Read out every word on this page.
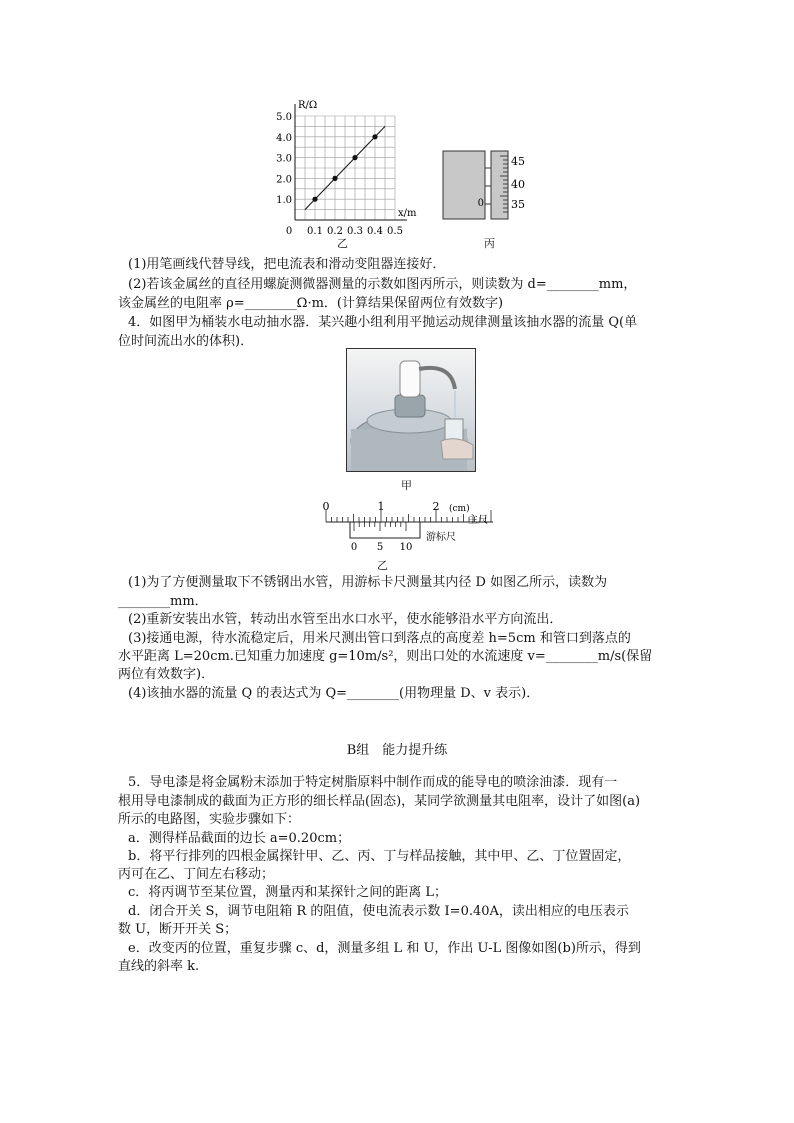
R/Ω
x/m
5.0
4.0
3.0
2.0
1.0
0 0.1 0.2 0.3 0.4 0.5
乙
45
40
35
0
丙
(1)用笔画线代替导线，把电流表和滑动变阻器连接好．
(2)若该金属丝的直径用螺旋测微器测量的示数如图丙所示，则读数为 d=________mm，
该金属丝的电阻率 ρ=________Ω·m．(计算结果保留两位有效数字)
4．如图甲为桶装水电动抽水器．某兴趣小组利用平抛运动规律测量该抽水器的流量 Q(单
位时间流出水的体积)．
甲
0	1	2 (cm)
主尺
0 5 10
游标尺
乙
(1)为了方便测量取下不锈钢出水管，用游标卡尺测量其内径 D 如图乙所示，读数为
________mm．
(2)重新安装出水管，转动出水管至出水口水平，使水能够沿水平方向流出．
(3)接通电源，待水流稳定后，用米尺测出管口到落点的高度差 h=5cm 和管口到落点的
水平距离 L=20cm.已知重力加速度 g=10m/s²，则出口处的水流速度 v=________m/s(保留
两位有效数字)．
(4)该抽水器的流量 Q 的表达式为 Q=________(用物理量 D、v 表示)．
B组　能力提升练
5．导电漆是将金属粉末添加于特定树脂原料中制作而成的能导电的喷涂油漆．现有一
根用导电漆制成的截面为正方形的细长样品(固态)，某同学欲测量其电阻率，设计了如图(a)
所示的电路图，实验步骤如下：
a．测得样品截面的边长 a=0.20cm；
b．将平行排列的四根金属探针甲、乙、丙、丁与样品接触，其中甲、乙、丁位置固定，
丙可在乙、丁间左右移动；
c．将丙调节至某位置，测量丙和某探针之间的距离 L；
d．闭合开关 S，调节电阻箱 R 的阻值，使电流表示数 I=0.40A，读出相应的电压表示
数 U，断开开关 S；
e．改变丙的位置，重复步骤 c、d，测量多组 L 和 U，作出 U-L 图像如图(b)所示，得到
直线的斜率 k.
